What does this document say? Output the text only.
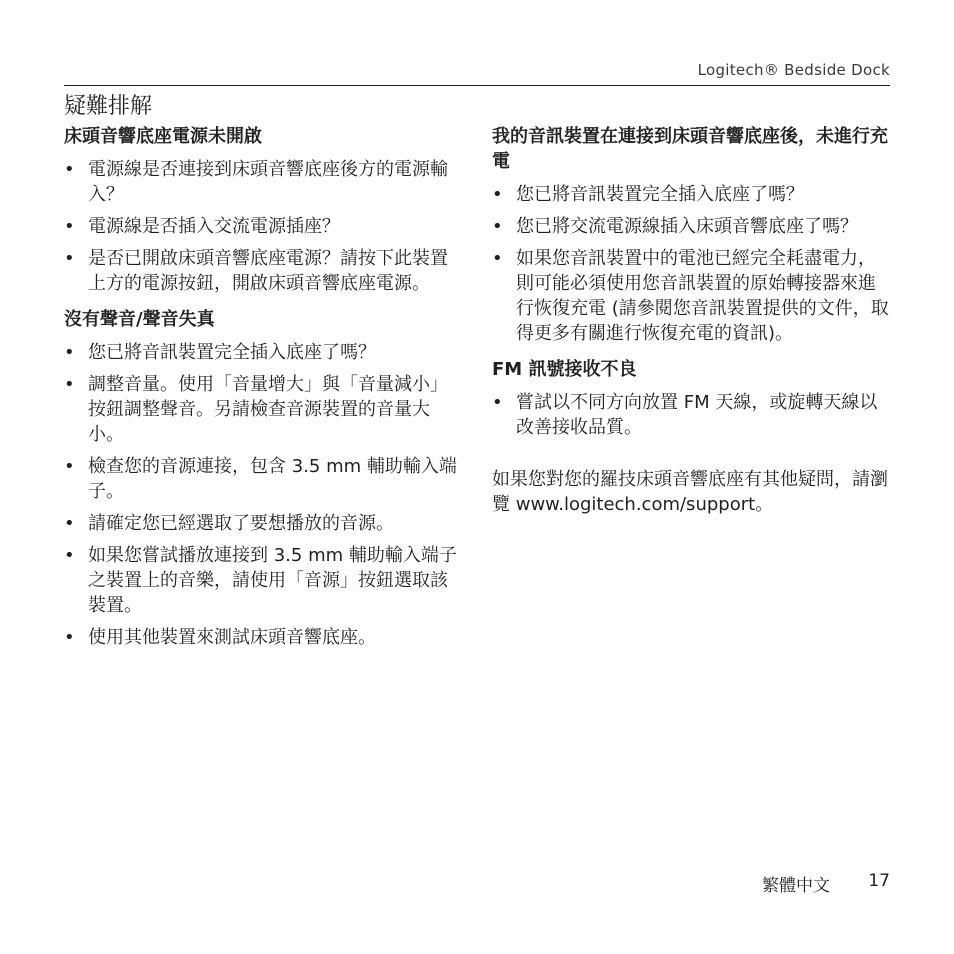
Logitech® Bedside Dock
疑難排解
床頭音響底座電源未開啟
• 電源線是否連接到床頭音響底座後方的電源輸入？
• 電源線是否插入交流電源插座？
• 是否已開啟床頭音響底座電源？請按下此裝置上方的電源按鈕，開啟床頭音響底座電源。
沒有聲音/聲音失真
• 您已將音訊裝置完全插入底座了嗎？
• 調整音量。使用「音量增大」與「音量減小」按鈕調整聲音。另請檢查音源裝置的音量大小。
• 檢查您的音源連接，包含 3.5 mm 輔助輸入端子。
• 請確定您已經選取了要想播放的音源。
• 如果您嘗試播放連接到 3.5 mm 輔助輸入端子之裝置上的音樂，請使用「音源」按鈕選取該裝置。
• 使用其他裝置來測試床頭音響底座。
我的音訊裝置在連接到床頭音響底座後，未進行充電
• 您已將音訊裝置完全插入底座了嗎？
• 您已將交流電源線插入床頭音響底座了嗎？
• 如果您音訊裝置中的電池已經完全耗盡電力，則可能必須使用您音訊裝置的原始轉接器來進行恢復充電 (請參閱您音訊裝置提供的文件，取得更多有關進行恢復充電的資訊)。
FM 訊號接收不良
• 嘗試以不同方向放置 FM 天線，或旋轉天線以改善接收品質。

如果您對您的羅技床頭音響底座有其他疑問，請瀏覽 www.logitech.com/support。

繁體中文 17
